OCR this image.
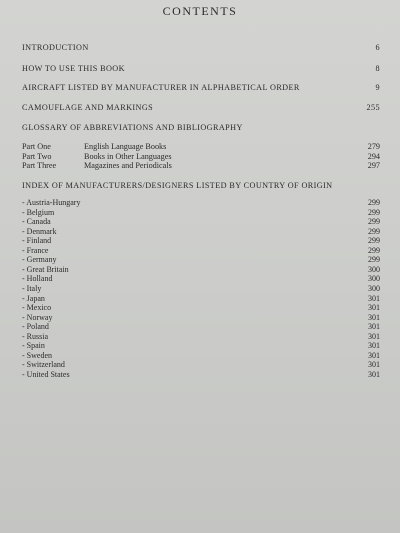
CONTENTS
INTRODUCTION	6
HOW TO USE THIS BOOK	8
AIRCRAFT LISTED BY MANUFACTURER IN ALPHABETICAL ORDER	9
CAMOUFLAGE AND MARKINGS	255
GLOSSARY OF ABBREVIATIONS AND BIBLIOGRAPHY
Part One	English Language Books	279
Part Two	Books in Other Languages	294
Part Three	Magazines and Periodicals	297
INDEX OF MANUFACTURERS/DESIGNERS LISTED BY COUNTRY OF ORIGIN
- Austria-Hungary	299
- Belgium	299
- Canada	299
- Denmark	299
- Finland	299
- France	299
- Germany	299
- Great Britain	300
- Holland	300
- Italy	300
- Japan	301
- Mexico	301
- Norway	301
- Poland	301
- Russia	301
- Spain	301
- Sweden	301
- Switzerland	301
- United States	301
